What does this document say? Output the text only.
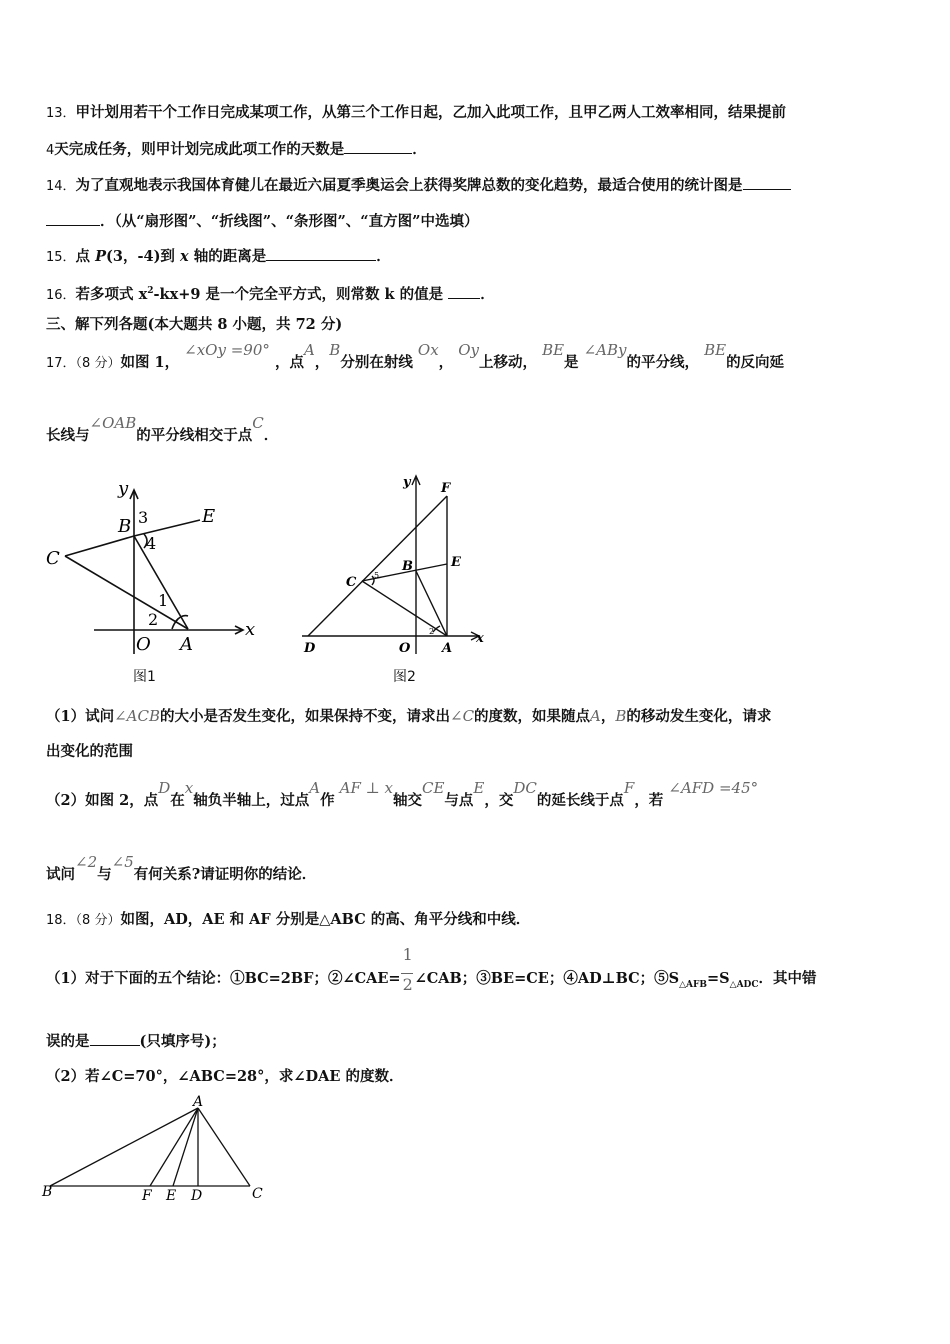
13．甲计划用若干个工作日完成某项工作，从第三个工作日起，乙加入此项工作，且甲乙两人工效率相同，结果提前
4天完成任务，则甲计划完成此项工作的天数是	．
14．为了直观地表示我国体育健儿在最近六届夏季奥运会上获得奖牌总数的变化趋势，最适合使用的统计图是
．（从“扇形图”、“折线图”、“条形图”、“直方图”中选填）
15．点 P(3，-4)到 x 轴的距离是	．
16．若多项式 $x^2-kx+9$ 是一个完全平方式，则常数 k 的值是 ．
三、解下列各题(本大题共 8 小题，共 72 分)
17．（8 分）如图 1， ∠xOy =90° ，点A，B分别在射线 Ox， Oy上移动， BE是 ∠ABy的平分线， BE的反向延
长线与∠OAB的平分线相交于点C．
y
x
O A
B
C
E
3
4
1
2
图1
y
x
O A
D
C
B	E
F
5
2
图2
（1）试问∠ACB的大小是否发生变化，如果保持不变，请求出∠C的度数，如果随点A，B的移动发生变化，请求
出变化的范围
（2）如图 2，点D在x轴负半轴上，过点A作 AF ⊥ x轴交CE与点E，交DC的延长线于点F，若 ∠AFD =45°
试问∠2与∠5有何关系?请证明你的结论．
18．（8 分）如图，AD，AE 和 AF 分别是△ABC 的高、角平分线和中线．
（1）对于下面的五个结论：①BC=2BF；②∠CAE= $\frac{1}{2}$ ∠CAB；③BE=CE；④AD⊥BC；$⑤S_{\triangle AFB}=S_{\triangle ADC}$．其中错
误的是	(只填序号)；
（2）若∠C=70°，∠ABC=28°，求∠DAE 的度数．
A
B	C
F E D
